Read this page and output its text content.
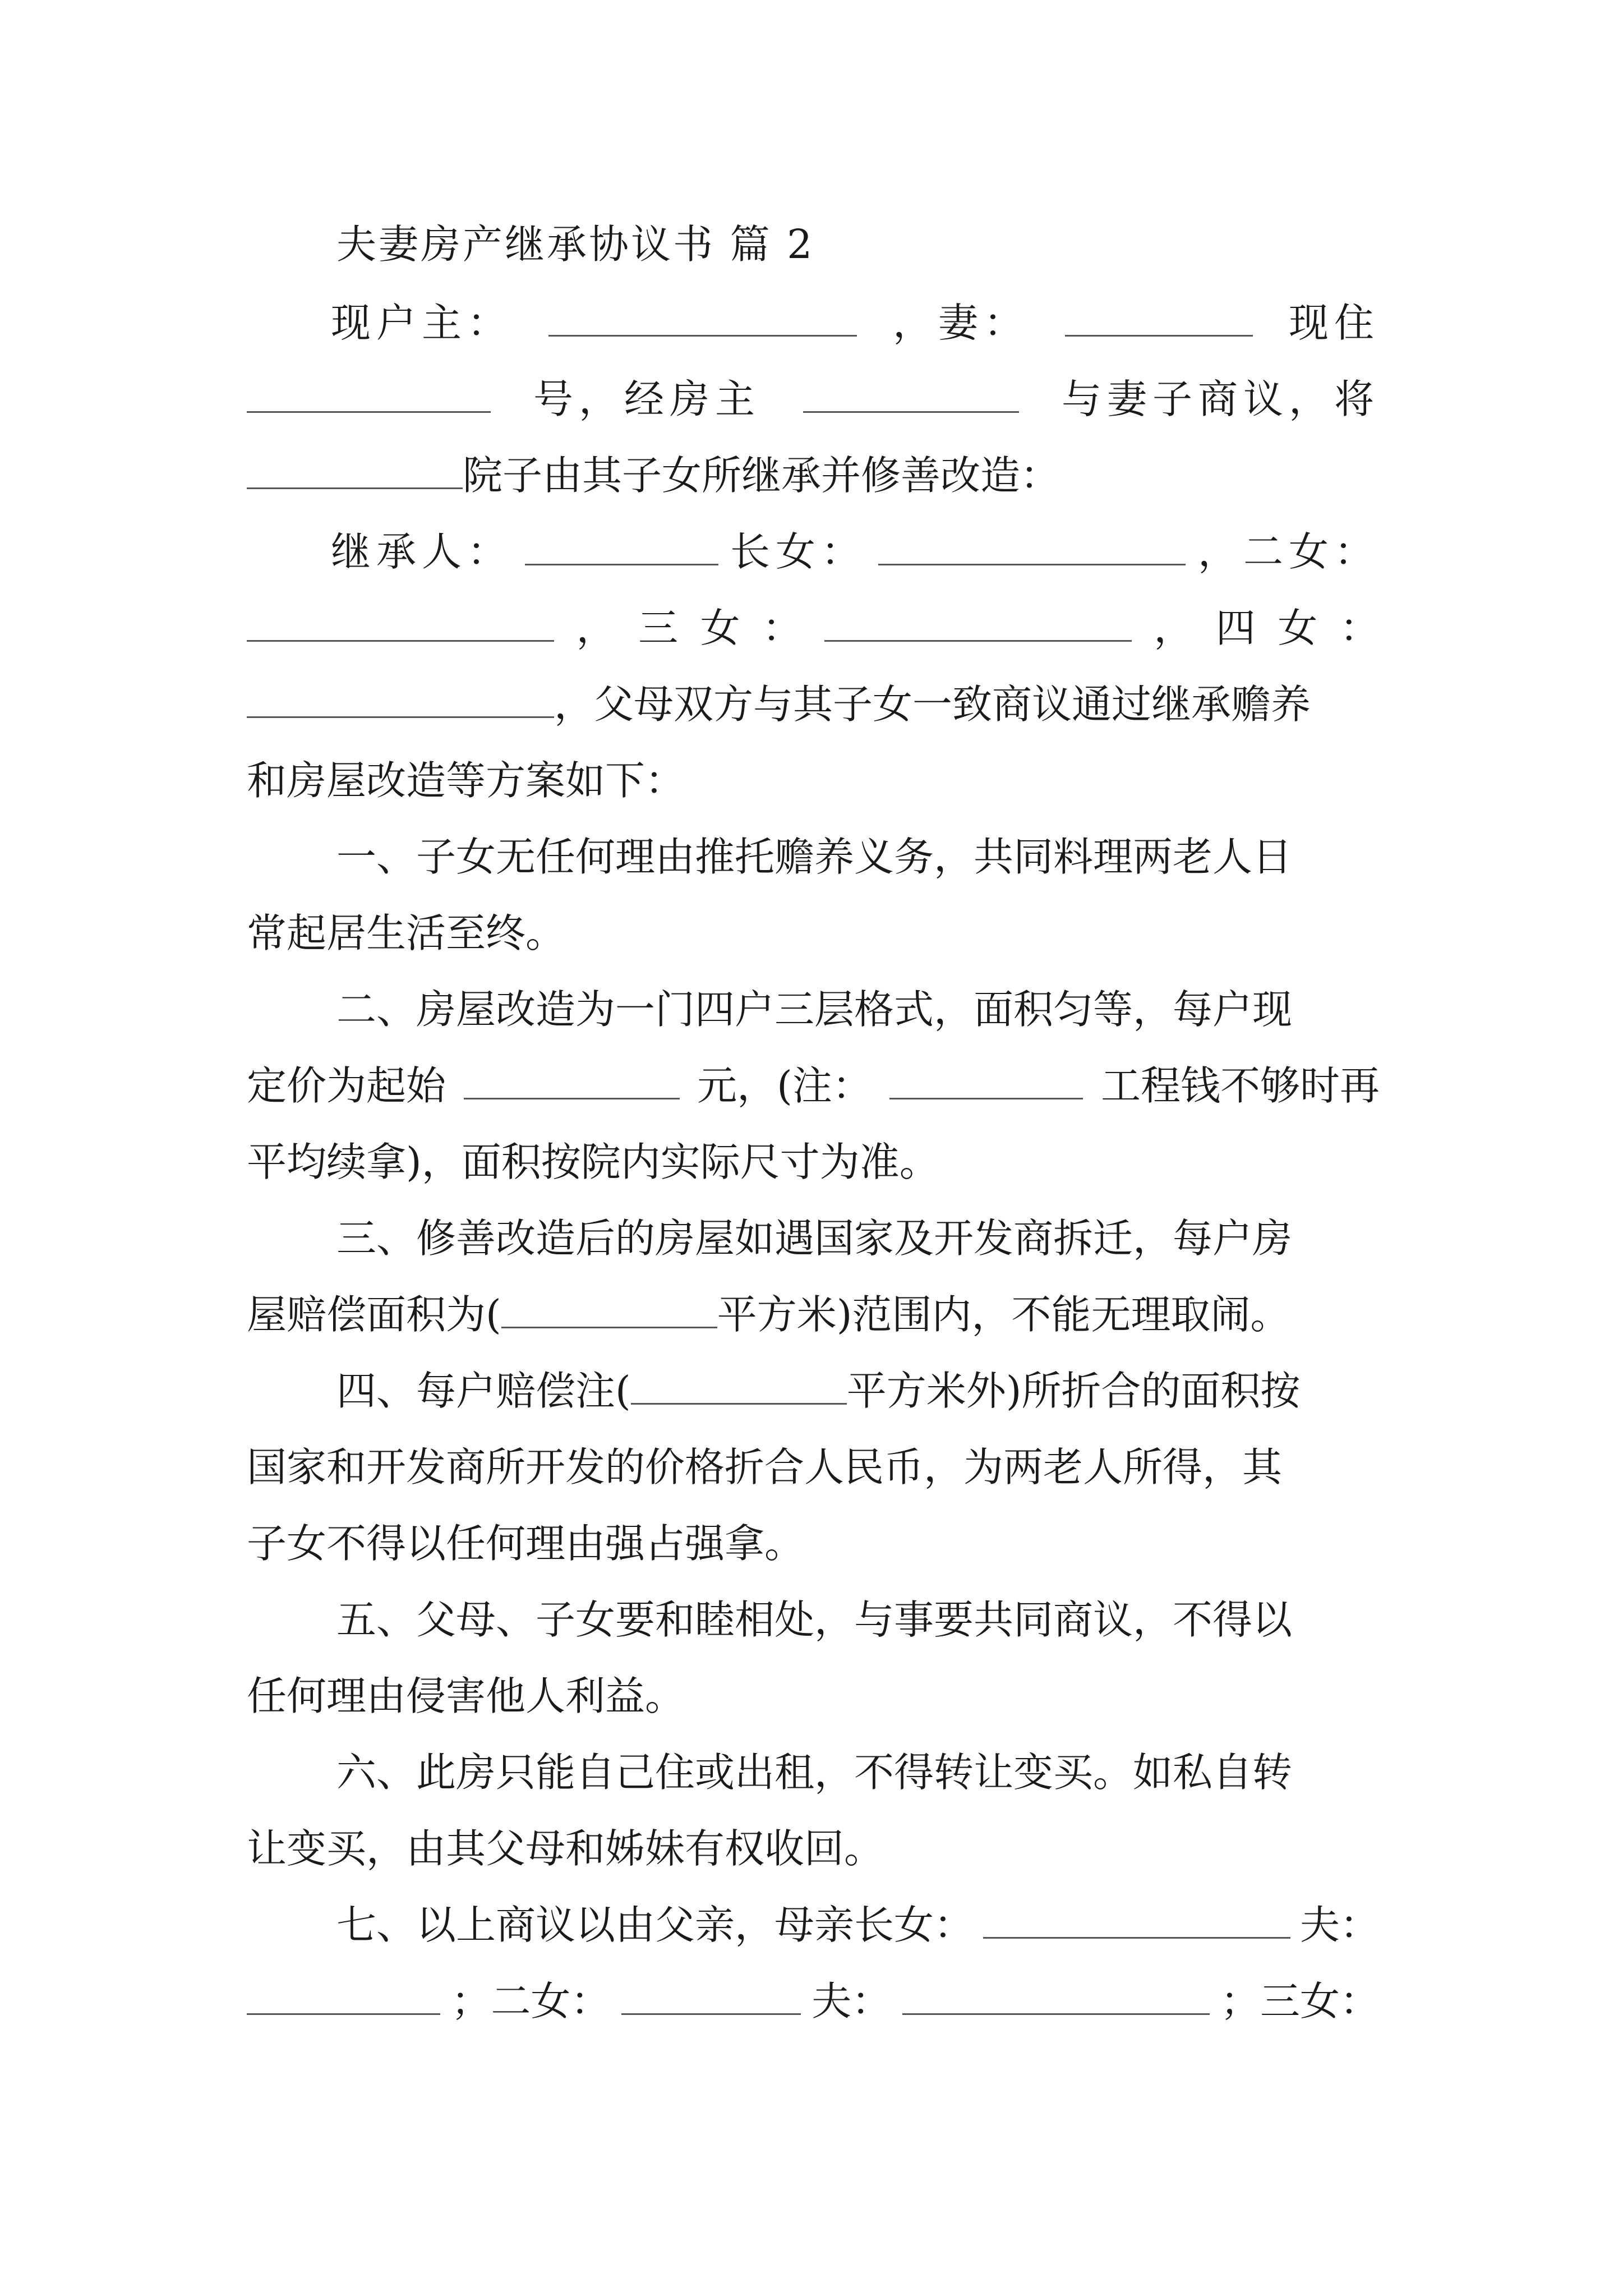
夫妻房产继承协议书 篇 2
现户主：	，妻：	现住
号，经房主	与妻子商议，将
院子由其子女所继承并修善改造：
继承人：	长女：	，二女：
， 三 女 ：	， 四 女 ：
，父母双方与其子女一致商议通过继承赡养
和房屋改造等方案如下：
一、子女无任何理由推托赡养义务，共同料理两老人日
常起居生活至终。
二、房屋改造为一门四户三层格式，面积匀等，每户现
定价为起始	元，(注：	工程钱不够时再
平均续拿)，面积按院内实际尺寸为准。
三、修善改造后的房屋如遇国家及开发商拆迁，每户房
屋赔偿面积为(	平方米)范围内，不能无理取闹。
四、每户赔偿注(	平方米外)所折合的面积按
国家和开发商所开发的价格折合人民币，为两老人所得，其
子女不得以任何理由强占强拿。
五、父母、子女要和睦相处，与事要共同商议，不得以
任何理由侵害他人利益。
六、此房只能自己住或出租，不得转让变买。如私自转
让变买，由其父母和姊妹有权收回。
七、以上商议以由父亲，母亲长女：	夫：
；二女：	夫：	；三女：
